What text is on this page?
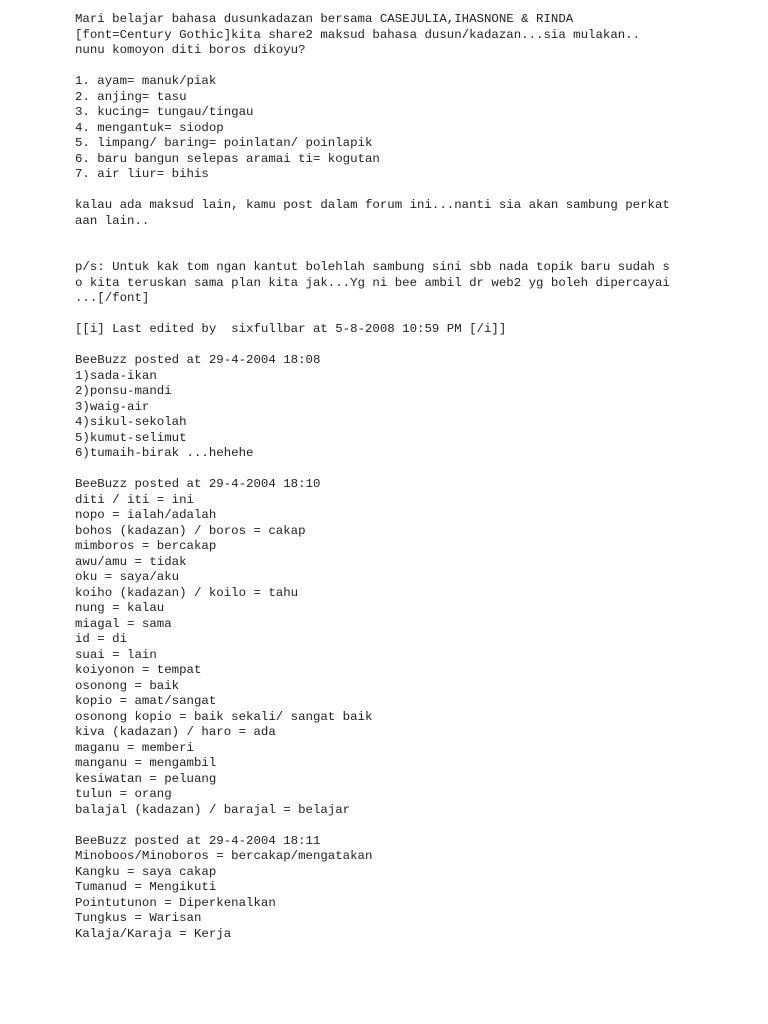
Mari belajar bahasa dusunkadazan bersama CASEJULIA,IHASNONE & RINDA
[font=Century Gothic]kita share2 maksud bahasa dusun/kadazan...sia mulakan..
nunu komoyon diti boros dikoyu?
1. ayam= manuk/piak
2. anjing= tasu
3. kucing= tungau/tingau
4. mengantuk= siodop
5. limpang/ baring= poinlatan/ poinlapik
6. baru bangun selepas aramai ti= kogutan
7. air liur= bihis
kalau ada maksud lain, kamu post dalam forum ini...nanti sia akan sambung perkat
aan lain..
p/s: Untuk kak tom ngan kantut bolehlah sambung sini sbb nada topik baru sudah s
o kita teruskan sama plan kita jak...Yg ni bee ambil dr web2 yg boleh dipercayai
...[/font]
[[i] Last edited by  sixfullbar at 5-8-2008 10:59 PM [/i]]
BeeBuzz posted at 29-4-2004 18:08
1)sada-ikan
2)ponsu-mandi
3)waig-air
4)sikul-sekolah
5)kumut-selimut
6)tumaih-birak ...hehehe
BeeBuzz posted at 29-4-2004 18:10
diti / iti = ini
nopo = ialah/adalah
bohos (kadazan) / boros = cakap
mimboros = bercakap
awu/amu = tidak
oku = saya/aku
koiho (kadazan) / koilo = tahu
nung = kalau
miagal = sama
id = di
suai = lain
koiyonon = tempat
osonong = baik
kopio = amat/sangat
osonong kopio = baik sekali/ sangat baik
kiva (kadazan) / haro = ada
maganu = memberi
manganu = mengambil
kesiwatan = peluang
tulun = orang
balajal (kadazan) / barajal = belajar
BeeBuzz posted at 29-4-2004 18:11
Minoboos/Minoboros = bercakap/mengatakan
Kangku = saya cakap
Tumanud = Mengikuti
Pointutunon = Diperkenalkan
Tungkus = Warisan
Kalaja/Karaja = Kerja
